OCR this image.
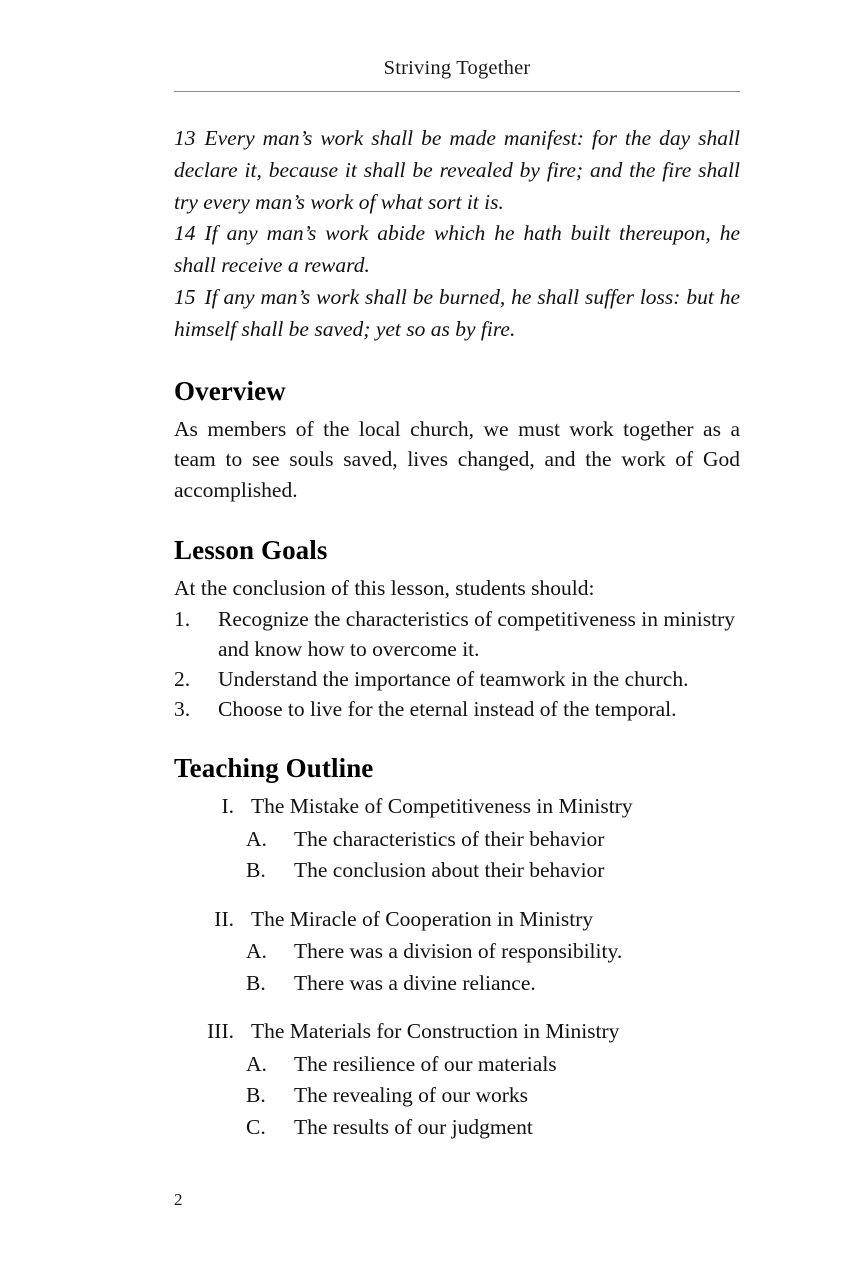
Striving Together

13 Every man’s work shall be made manifest: for the day shall declare it, because it shall be revealed by fire; and the fire shall try every man’s work of what sort it is.

14 If any man’s work abide which he hath built thereupon, he shall receive a reward.

15 If any man’s work shall be burned, he shall suffer loss: but he himself shall be saved; yet so as by fire.

Overview

As members of the local church, we must work together as a team to see souls saved, lives changed, and the work of God accomplished.

Lesson Goals

At the conclusion of this lesson, students should:

1.	Recognize the characteristics of competitiveness in ministry and know how to overcome it.
2.	Understand the importance of teamwork in the church.
3.	Choose to live for the eternal instead of the temporal.
Teaching Outline
I. The Mistake of Competitiveness in Ministry
A. The characteristics of their behavior
B. The conclusion about their behavior
II. The Miracle of Cooperation in Ministry
A. There was a division of responsibility.
B. There was a divine reliance.
III. The Materials for Construction in Ministry
A. The resilience of our materials
B. The revealing of our works
C. The results of our judgment
2
